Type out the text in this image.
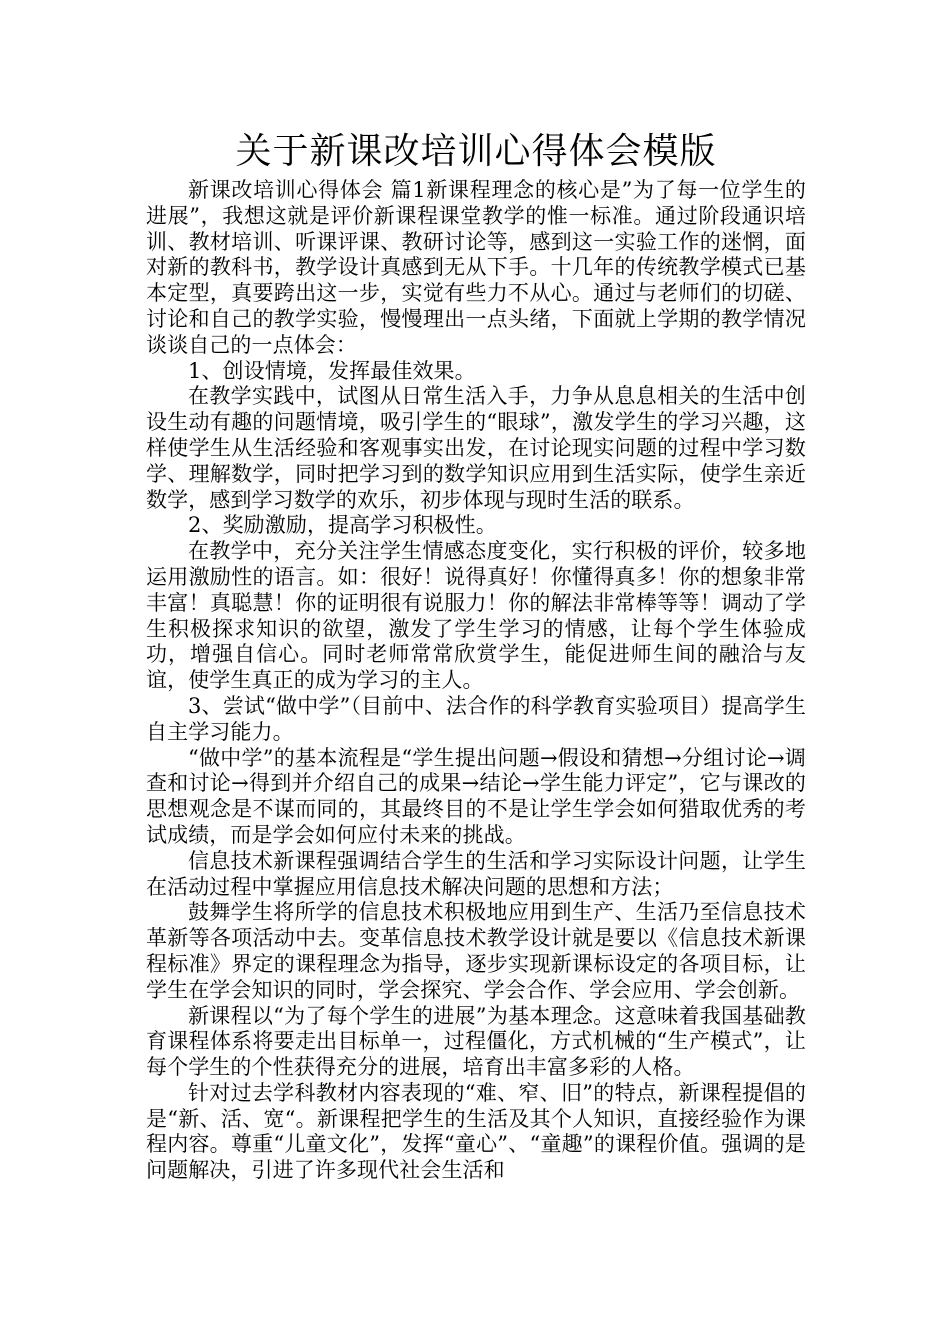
关于新课改培训心得体会模版

新课改培训心得体会 篇1新课程理念的核心是”为了每一位学生的进展”，我想这就是评价新课程课堂教学的惟一标准。通过阶段通识培训、教材培训、听课评课、教研讨论等，感到这一实验工作的迷惘，面对新的教科书，教学设计真感到无从下手。十几年的传统教学模式已基本定型，真要跨出这一步，实觉有些力不从心。通过与老师们的切磋、讨论和自己的教学实验，慢慢理出一点头绪，下面就上学期的教学情况谈谈自己的一点体会：

1、创设情境，发挥最佳效果。

在教学实践中，试图从日常生活入手，力争从息息相关的生活中创设生动有趣的问题情境，吸引学生的“眼球”，激发学生的学习兴趣，这样使学生从生活经验和客观事实出发，在讨论现实问题的过程中学习数学、理解数学，同时把学习到的数学知识应用到生活实际，使学生亲近数学，感到学习数学的欢乐，初步体现与现时生活的联系。

2、奖励激励，提高学习积极性。

在教学中，充分关注学生情感态度变化，实行积极的评价，较多地运用激励性的语言。如：很好！说得真好！你懂得真多！你的想象非常丰富！真聪慧！你的证明很有说服力！你的解法非常棒等等！调动了学生积极探求知识的欲望，激发了学生学习的情感，让每个学生体验成功，增强自信心。同时老师常常欣赏学生，能促进师生间的融洽与友谊，使学生真正的成为学习的主人。

3、尝试“做中学”（目前中、法合作的科学教育实验项目）提高学生自主学习能力。

“做中学”的基本流程是“学生提出问题→假设和猜想→分组讨论→调查和讨论→得到并介绍自己的成果→结论→学生能力评定”，它与课改的思想观念是不谋而同的，其最终目的不是让学生学会如何猎取优秀的考试成绩，而是学会如何应付未来的挑战。

信息技术新课程强调结合学生的生活和学习实际设计问题，让学生在活动过程中掌握应用信息技术解决问题的思想和方法；

鼓舞学生将所学的信息技术积极地应用到生产、生活乃至信息技术革新等各项活动中去。变革信息技术教学设计就是要以《信息技术新课程标准》界定的课程理念为指导，逐步实现新课标设定的各项目标，让学生在学会知识的同时，学会探究、学会合作、学会应用、学会创新。

新课程以“为了每个学生的进展”为基本理念。这意味着我国基础教育课程体系将要走出目标单一，过程僵化，方式机械的“生产模式”，让每个学生的个性获得充分的进展，培育出丰富多彩的人格。

针对过去学科教材内容表现的“难、窄、旧”的特点，新课程提倡的是“新、活、宽“。新课程把学生的生活及其个人知识，直接经验作为课程内容。尊重“儿童文化”，发挥“童心”、“童趣”的课程价值。强调的是问题解决，引进了许多现代社会生活和
